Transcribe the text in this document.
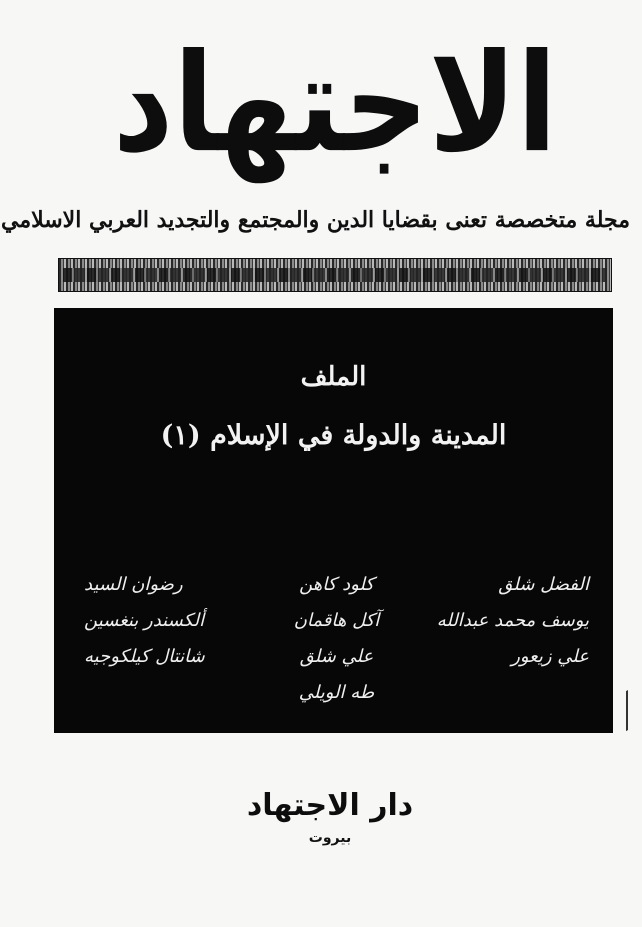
الاجتهاد
مجلة متخصصة تعنى بقضايا الدين والمجتمع والتجديد العربي الاسلامي
الملف
المدينة والدولة في الإسلام (١)
الفضل شلق
يوسف محمد عبدالله
علي زيعور
كلود كاهن
آكل هاقمان
علي شلق
طه الويلي
رضوان السيد
ألكسندر بنغسين
شانتال كيلكوجيه
دار الاجتهاد
بيروت
